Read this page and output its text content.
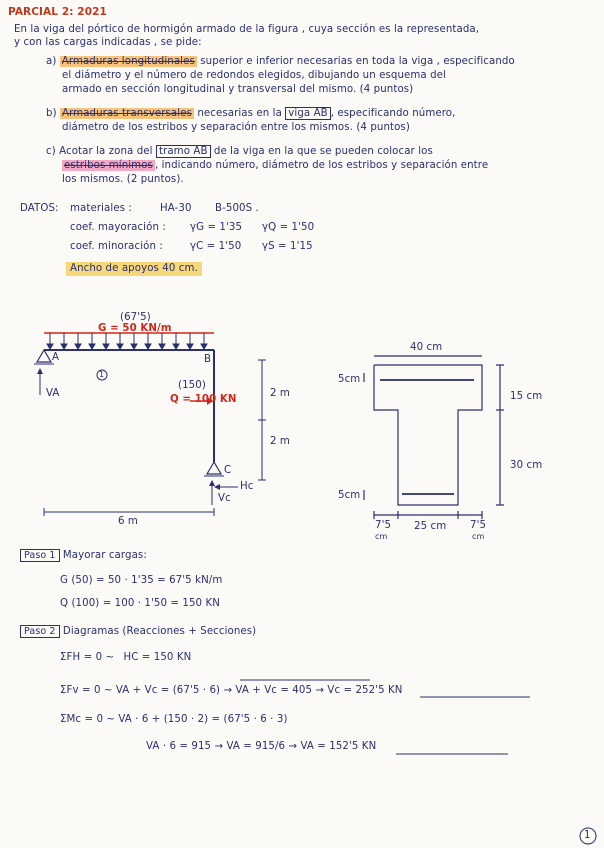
PARCIAL 2: 2021
En la viga del pórtico de hormigón armado de la figura , cuya sección es la representada,
y con las cargas indicadas , se pide:
a) Armaduras longitudinales superior e inferior necesarias en toda la viga , especificando
el diámetro y el número de redondos elegidos, dibujando un esquema del
armado en sección longitudinal y transversal del mismo. (4 puntos)
b) Armaduras transversales necesarias en la viga AB , especificando número,
diámetro de los estribos y separación entre los mismos. (4 puntos)
c) Acotar la zona del tramo AB de la viga en la que se pueden colocar los
estribos mínimos , indicando número, diámetro de los estribos y separación entre
los mismos. (2 puntos).
DATOS: materiales :	HA-30 B-500S .
coef. mayoración : γG = 1'35 γQ = 1'50
coef. minoración :	γC = 1'50 γS = 1'15
Ancho de apoyos 40 cm.
(67'5)
G = 50 KN/m
A	B
C
1
VA
Vc
Hc
(150)
Q = 100 KN
2 m
2 m
6 m
40 cm
5cm
5cm
15 cm
30 cm
7'5
cm
25 cm 7'5
cm
Paso 1 Mayorar cargas:
G (50) = 50 · 1'35 = 67'5 kN/m
Q (100) = 100 · 1'50 = 150 KN
Paso 2 Diagramas (Reacciones + Secciones)
ΣFH = 0 ~ HC = 150 KN
ΣFv = 0 ~ VA + Vc = (67'5 · 6) → VA + Vc = 405 → Vc = 252'5 KN
ΣMc = 0 ~ VA · 6 + (150 · 2) = (67'5 · 6 · 3)
VA · 6 = 915 → VA = 915/6 → VA = 152'5 KN
1
